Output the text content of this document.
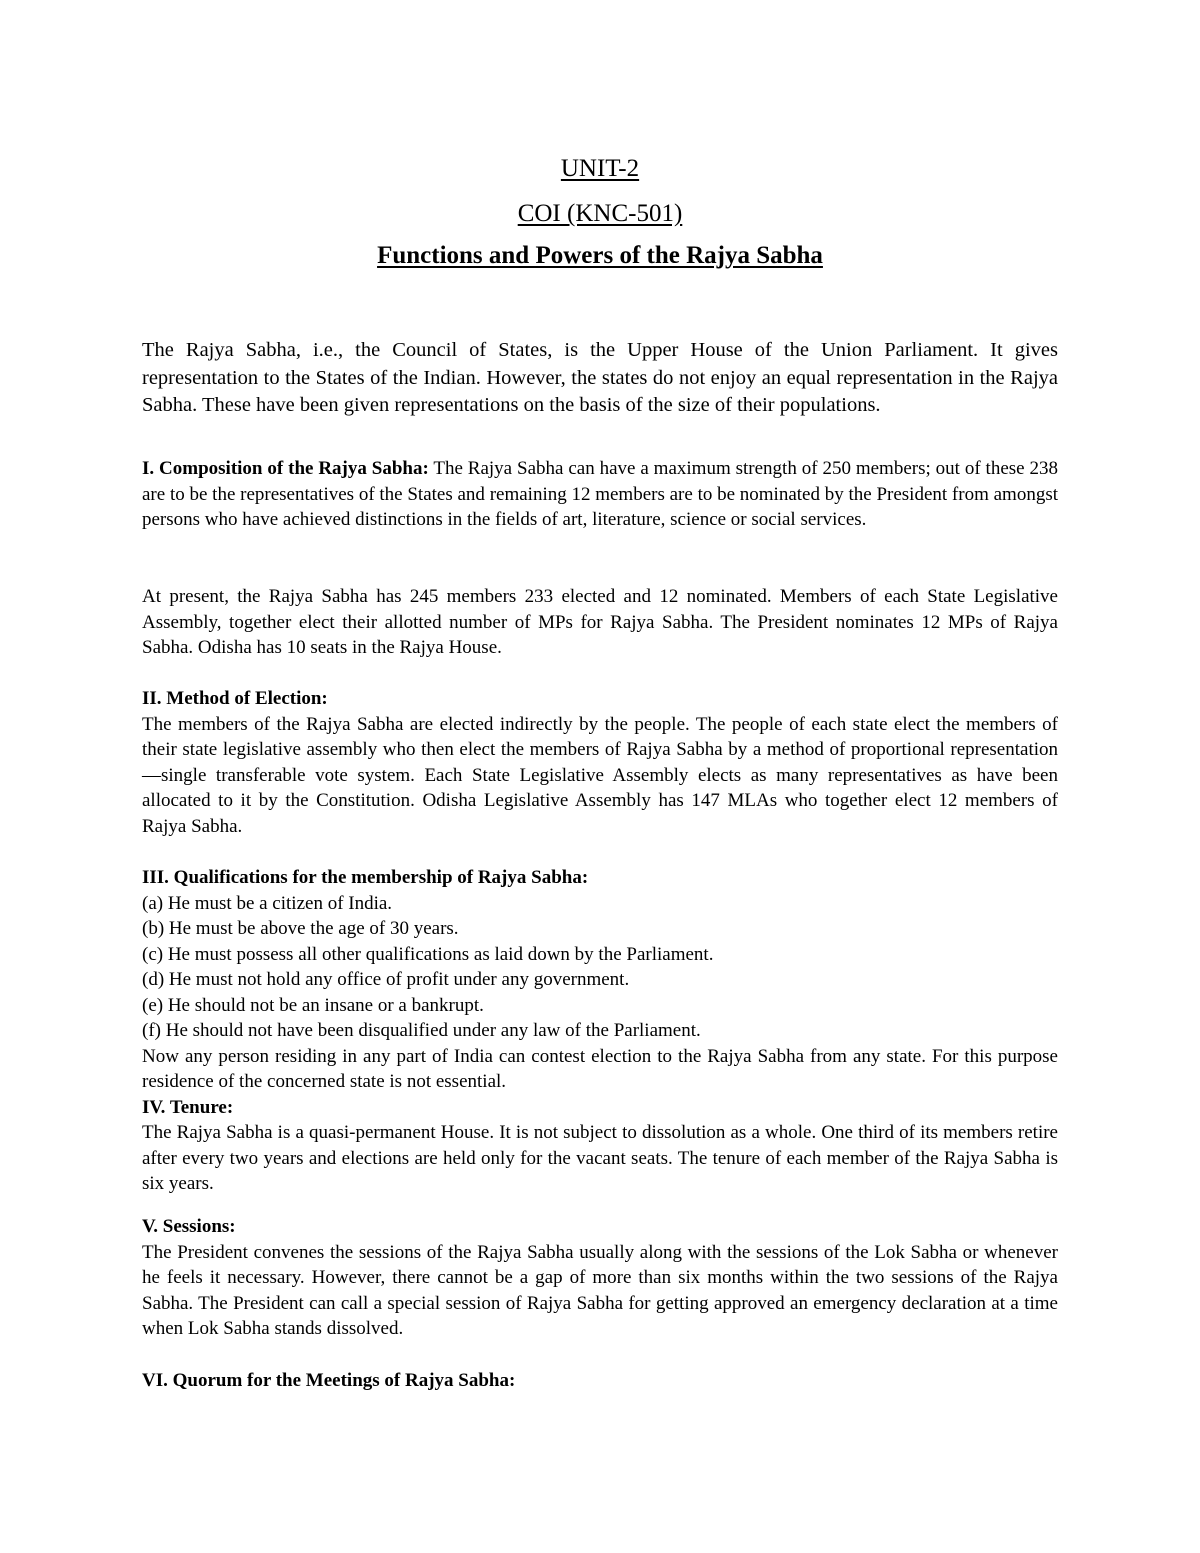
UNIT-2
COI (KNC-501)
Functions and Powers of the Rajya Sabha

The Rajya Sabha, i.e., the Council of States, is the Upper House of the Union Parliament. It gives representation to the States of the Indian. However, the states do not enjoy an equal representation in the Rajya Sabha. These have been given representations on the basis of the size of their populations.

I. Composition of the Rajya Sabha: The Rajya Sabha can have a maximum strength of 250 members; out of these 238 are to be the representatives of the States and remaining 12 members are to be nominated by the President from amongst persons who have achieved distinctions in the fields of art, literature, science or social services.

At present, the Rajya Sabha has 245 members 233 elected and 12 nominated. Members of each State Legislative Assembly, together elect their allotted number of MPs for Rajya Sabha. The President nominates 12 MPs of Rajya Sabha. Odisha has 10 seats in the Rajya House.

II. Method of Election:

The members of the Rajya Sabha are elected indirectly by the people. The people of each state elect the members of their state legislative assembly who then elect the members of Rajya Sabha by a method of proportional representation—single transferable vote system. Each State Legislative Assembly elects as many representatives as have been allocated to it by the Constitution. Odisha Legislative Assembly has 147 MLAs who together elect 12 members of Rajya Sabha.

III. Qualifications for the membership of Rajya Sabha:

(a) He must be a citizen of India.

(b) He must be above the age of 30 years.

(c) He must possess all other qualifications as laid down by the Parliament.

(d) He must not hold any office of profit under any government.

(e) He should not be an insane or a bankrupt.

(f) He should not have been disqualified under any law of the Parliament.

Now any person residing in any part of India can contest election to the Rajya Sabha from any state. For this purpose residence of the concerned state is not essential.

IV. Tenure:

The Rajya Sabha is a quasi-permanent House. It is not subject to dissolution as a whole. One third of its members retire after every two years and elections are held only for the vacant seats. The tenure of each member of the Rajya Sabha is six years.

V. Sessions:

The President convenes the sessions of the Rajya Sabha usually along with the sessions of the Lok Sabha or whenever he feels it necessary. However, there cannot be a gap of more than six months within the two sessions of the Rajya Sabha. The President can call a special session of Rajya Sabha for getting approved an emergency declaration at a time when Lok Sabha stands dissolved.

VI. Quorum for the Meetings of Rajya Sabha:
